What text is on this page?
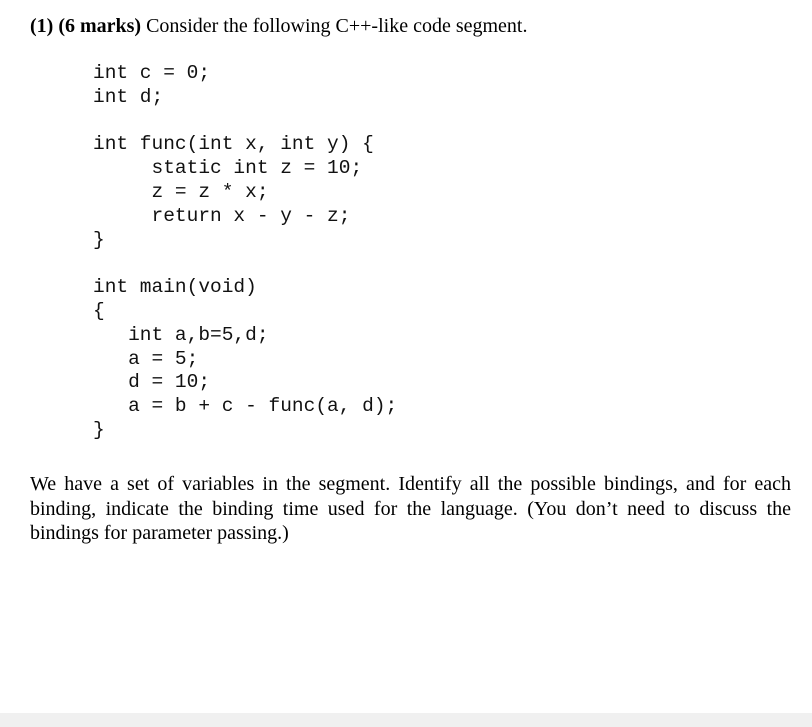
(1) (6 marks) Consider the following C++-like code segment.
int c = 0;
int d;
int func(int x, int y) {
static int z = 10;
z = z * x;
return x - y - z;
}
int main(void)
{
int a,b=5,d;
a = 5;
d = 10;
a = b + c - func(a, d);
}

We have a set of variables in the segment. Identify all the possible bindings, and for each binding, indicate the binding time used for the language. (You don’t need to discuss the bindings for parameter passing.)
